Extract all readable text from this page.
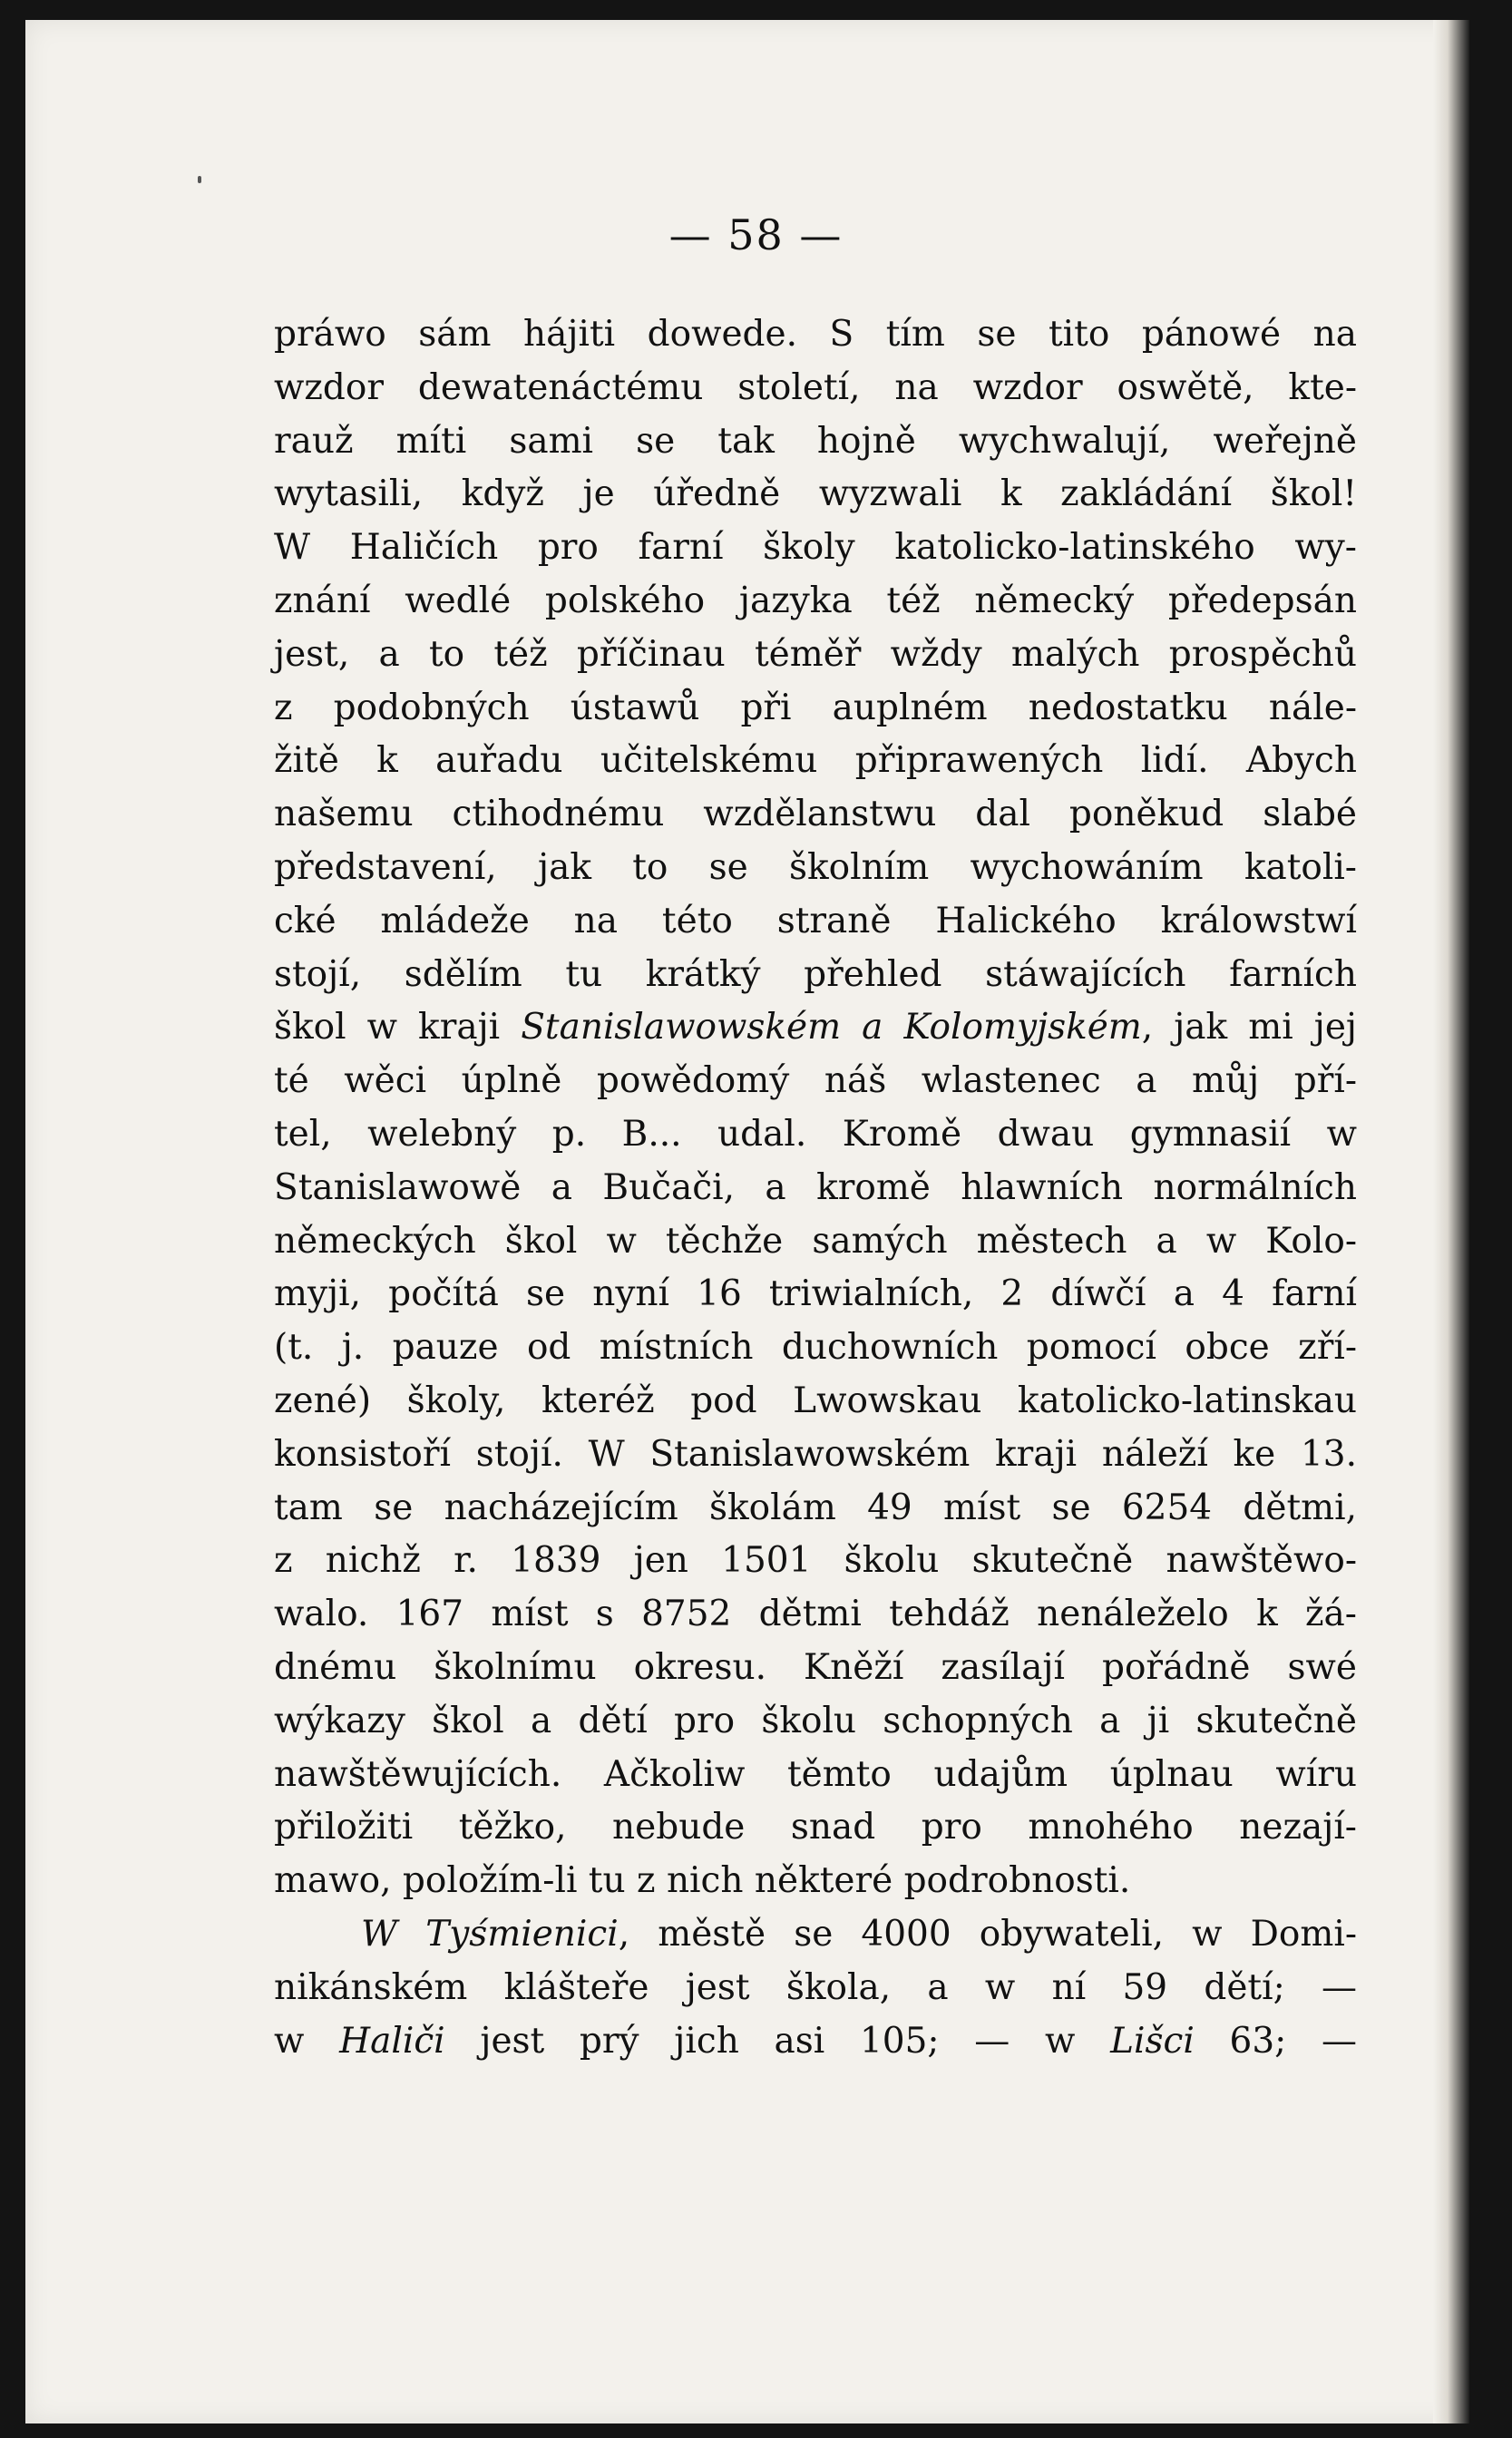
— 58 —
práwo sám hájiti dowede. S tím se tito pánowé na
wzdor dewatenáctému století, na wzdor oswětě, kte-
rauž míti sami se tak hojně wychwalují, weřejně
wytasili, když je úředně wyzwali k zakládání škol!
W Haličích pro farní školy katolicko-latinského wy-
znání wedlé polského jazyka též německý předepsán
jest, a to též příčinau téměř wždy malých prospěchů
z podobných ústawů při auplném nedostatku nále-
žitě k auřadu učitelskému připrawených lidí. Abych
našemu ctihodnému wzdělanstwu dal poněkud slabé
představení, jak to se školním wychowáním katoli-
cké mládeže na této straně Halického králowstwí
stojí, sdělím tu krátký přehled stáwajících farních
škol w kraji Stanislawowském a Kolomyjském, jak mi jej
té wěci úplně powědomý náš wlastenec a můj pří-
tel, welebný p. B... udal. Kromě dwau gymnasií w
Stanislawowě a Bučači, a kromě hlawních normálních
německých škol w těchže samých městech a w Kolo-
myji, počítá se nyní 16 triwialních, 2 díwčí a 4 farní
(t. j. pauze od místních duchowních pomocí obce zří-
zené) školy, kteréž pod Lwowskau katolicko-latinskau
konsistoří stojí. W Stanislawowském kraji náleží ke 13.
tam se nacházejícím školám 49 míst se 6254 dětmi,
z nichž r. 1839 jen 1501 školu skutečně nawštěwo-
walo. 167 míst s 8752 dětmi tehdáž nenáleželo k žá-
dnému školnímu okresu. Kněží zasílají pořádně swé
wýkazy škol a dětí pro školu schopných a ji skutečně
nawštěwujících. Ačkoliw těmto udajům úplnau wíru
přiložiti těžko, nebude snad pro mnohého nezají-
mawo, položím-li tu z nich některé podrobnosti.
W Tyśmienici, městě se 4000 obywateli, w Domi-
nikánském klášteře jest škola, a w ní 59 dětí; —
w Haliči jest prý jich asi 105; — w Lišci 63; —
